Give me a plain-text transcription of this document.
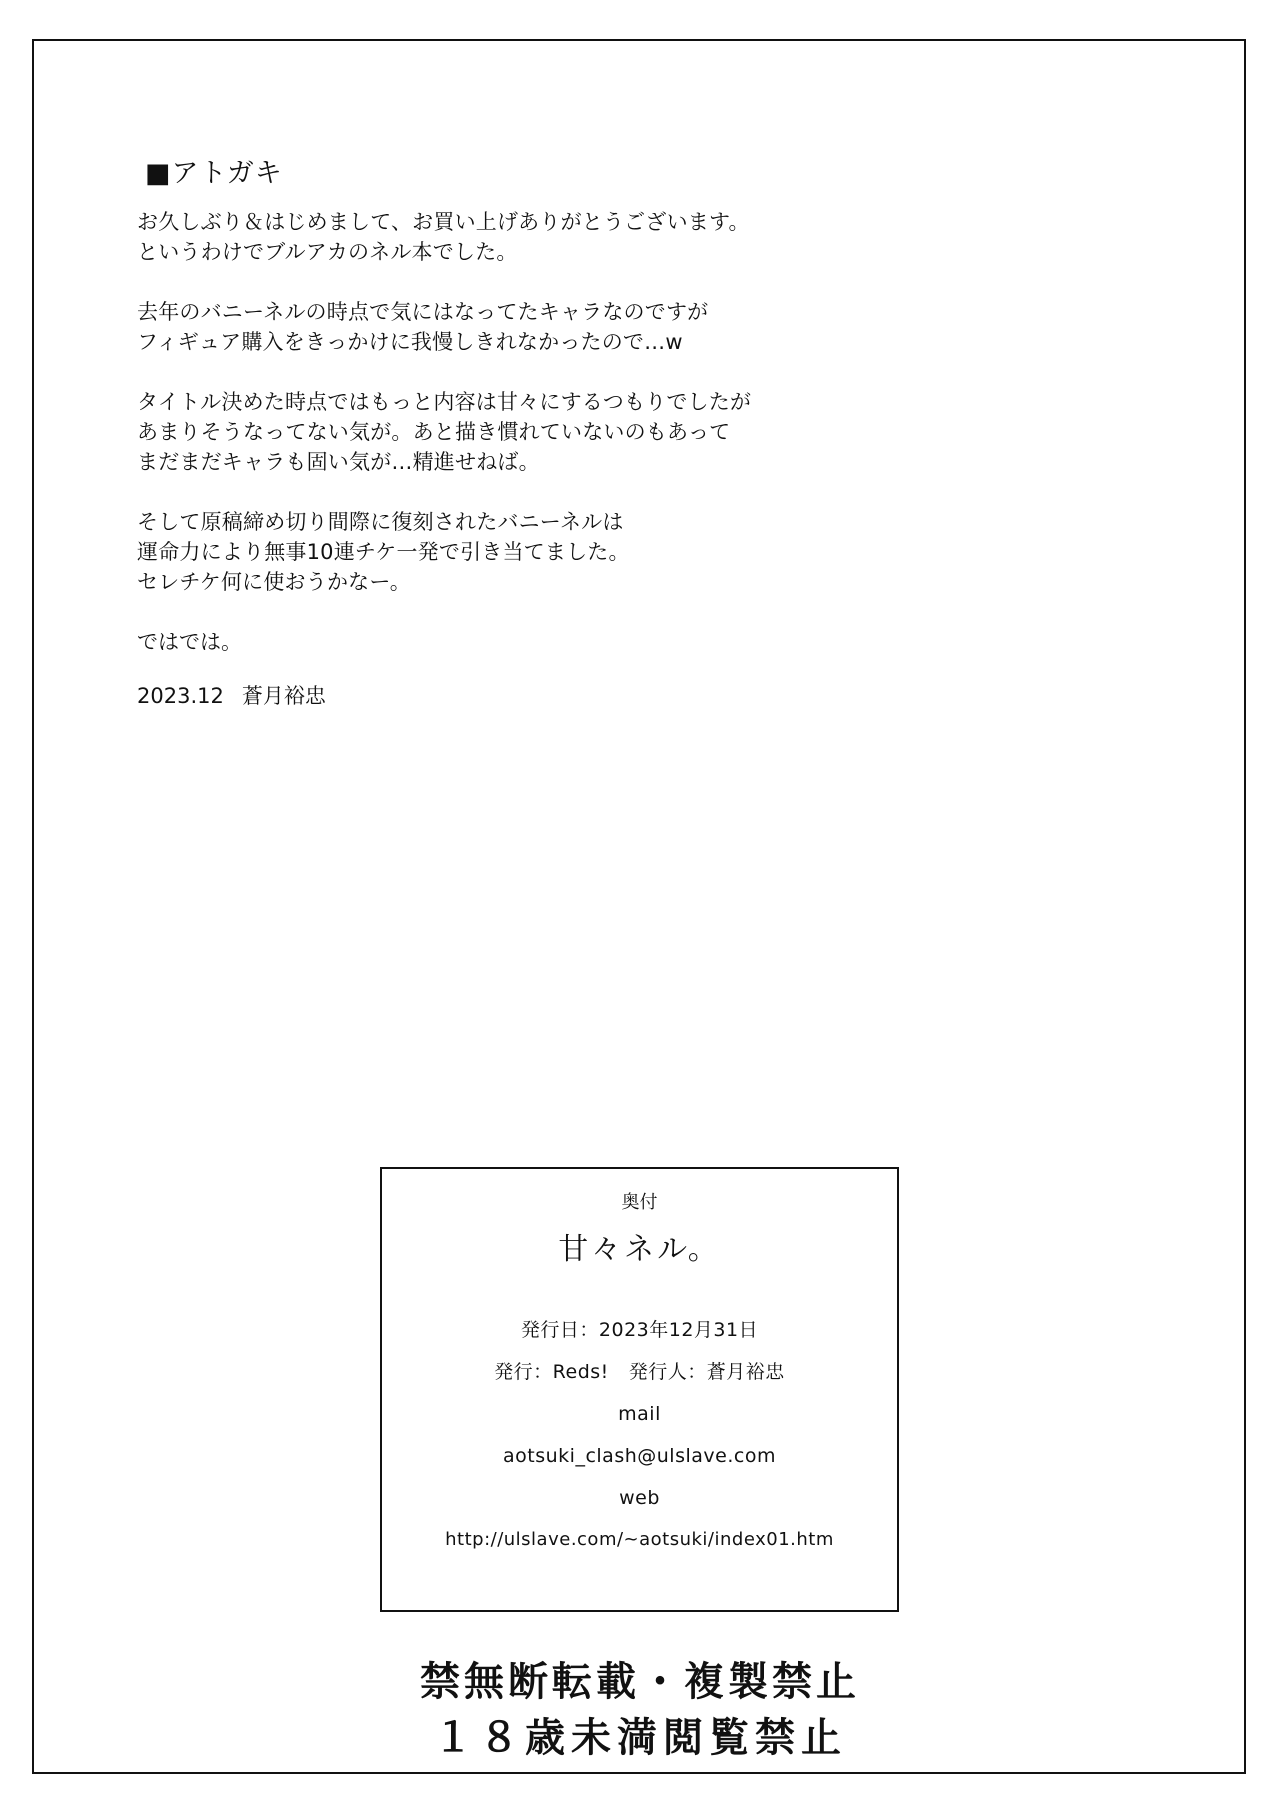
■アトガキ
お久しぶり＆はじめまして、お買い上げありがとうございます。
というわけでブルアカのネル本でした。
去年のバニーネルの時点で気にはなってたキャラなのですが
フィギュア購入をきっかけに我慢しきれなかったので…w
タイトル決めた時点ではもっと内容は甘々にするつもりでしたが
あまりそうなってない気が。あと描き慣れていないのもあって
まだまだキャラも固い気が…精進せねば。
そして原稿締め切り間際に復刻されたバニーネルは
運命力により無事10連チケ一発で引き当てました。
セレチケ何に使おうかなー。
ではでは。
2023.12 蒼月裕忠
奥付
甘々ネル。
発行日：2023年12月31日
発行：Reds! 発行人：蒼月裕忠
mail
aotsuki_clash@ulslave.com
web
http://ulslave.com/~aotsuki/index01.htm
禁無断転載・複製禁止
１８歳未満閲覧禁止
